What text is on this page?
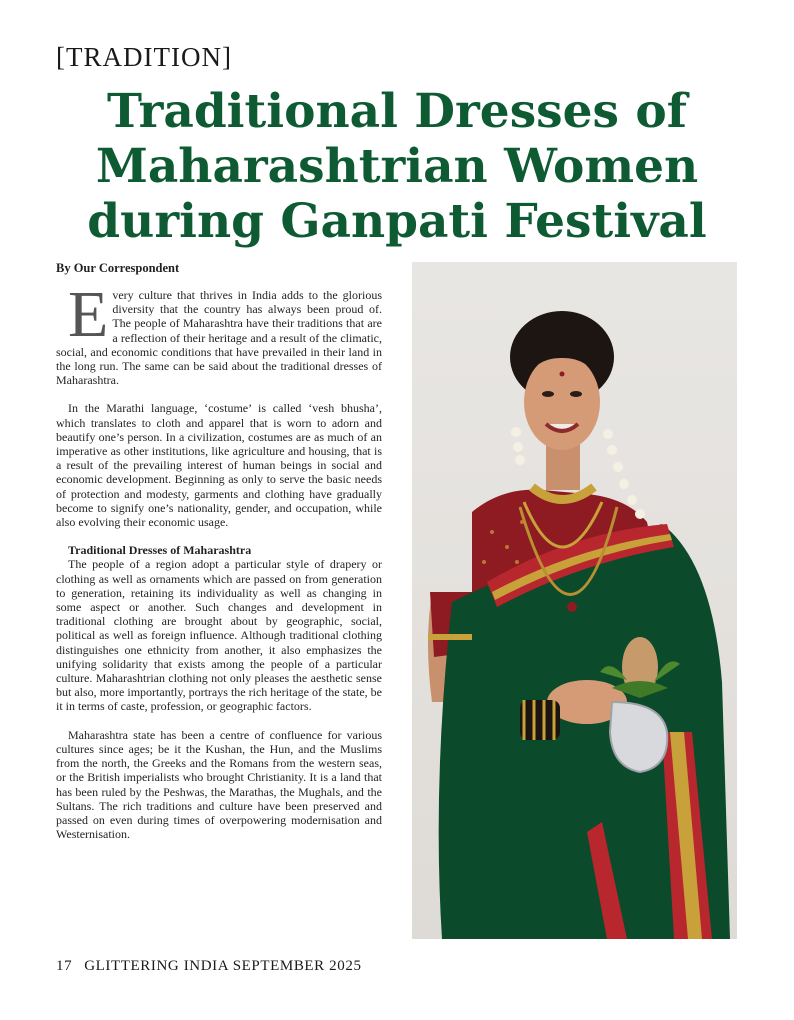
[TRADITION]
Traditional Dresses of
Maharashtrian Women
during Ganpati Festival
By Our Correspondent

Every culture that thrives in India adds to the glorious diversity that the country has always been proud of. The people of Maharashtra have their traditions that are a reflection of their heritage and a result of the climatic, social, and economic conditions that have prevailed in their land in the long run. The same can be said about the traditional dresses of Maharashtra.

In the Marathi language, ‘costume’ is called ‘vesh bhusha’, which translates to cloth and apparel that is worn to adorn and beautify one’s person. In a civilization, costumes are as much of an imperative as other institutions, like agriculture and housing, that is a result of the prevailing interest of human beings in social and economic development. Beginning as only to serve the basic needs of protection and modesty, garments and clothing have gradually become to signify one’s nationality, gender, and occupation, while also evolving their economic usage.

Traditional Dresses of Maharashtra

The people of a region adopt a particular style of drapery or clothing as well as ornaments which are passed on from generation to generation, retaining its individuality as well as changing in some aspect or another. Such changes and development in traditional clothing are brought about by geographic, social, political as well as foreign influence. Although traditional clothing distinguishes one ethnicity from another, it also emphasizes the unifying solidarity that exists among the people of a particular culture. Maharashtrian clothing not only pleases the aesthetic sense but also, more importantly, portrays the rich heritage of the state, be it in terms of caste, profession, or geographic factors.

Maharashtra state has been a centre of confluence for various cultures since ages; be it the Kushan, the Hun, and the Muslims from the north, the Greeks and the Romans from the western seas, or the British imperialists who brought Christianity. It is a land that has been ruled by the Peshwas, the Marathas, the Mughals, and the Sultans. The rich traditions and culture have been preserved and passed on even during times of overpowering modernisation and Westernisation.

17 GLITTERING INDIA SEPTEMBER 2025
